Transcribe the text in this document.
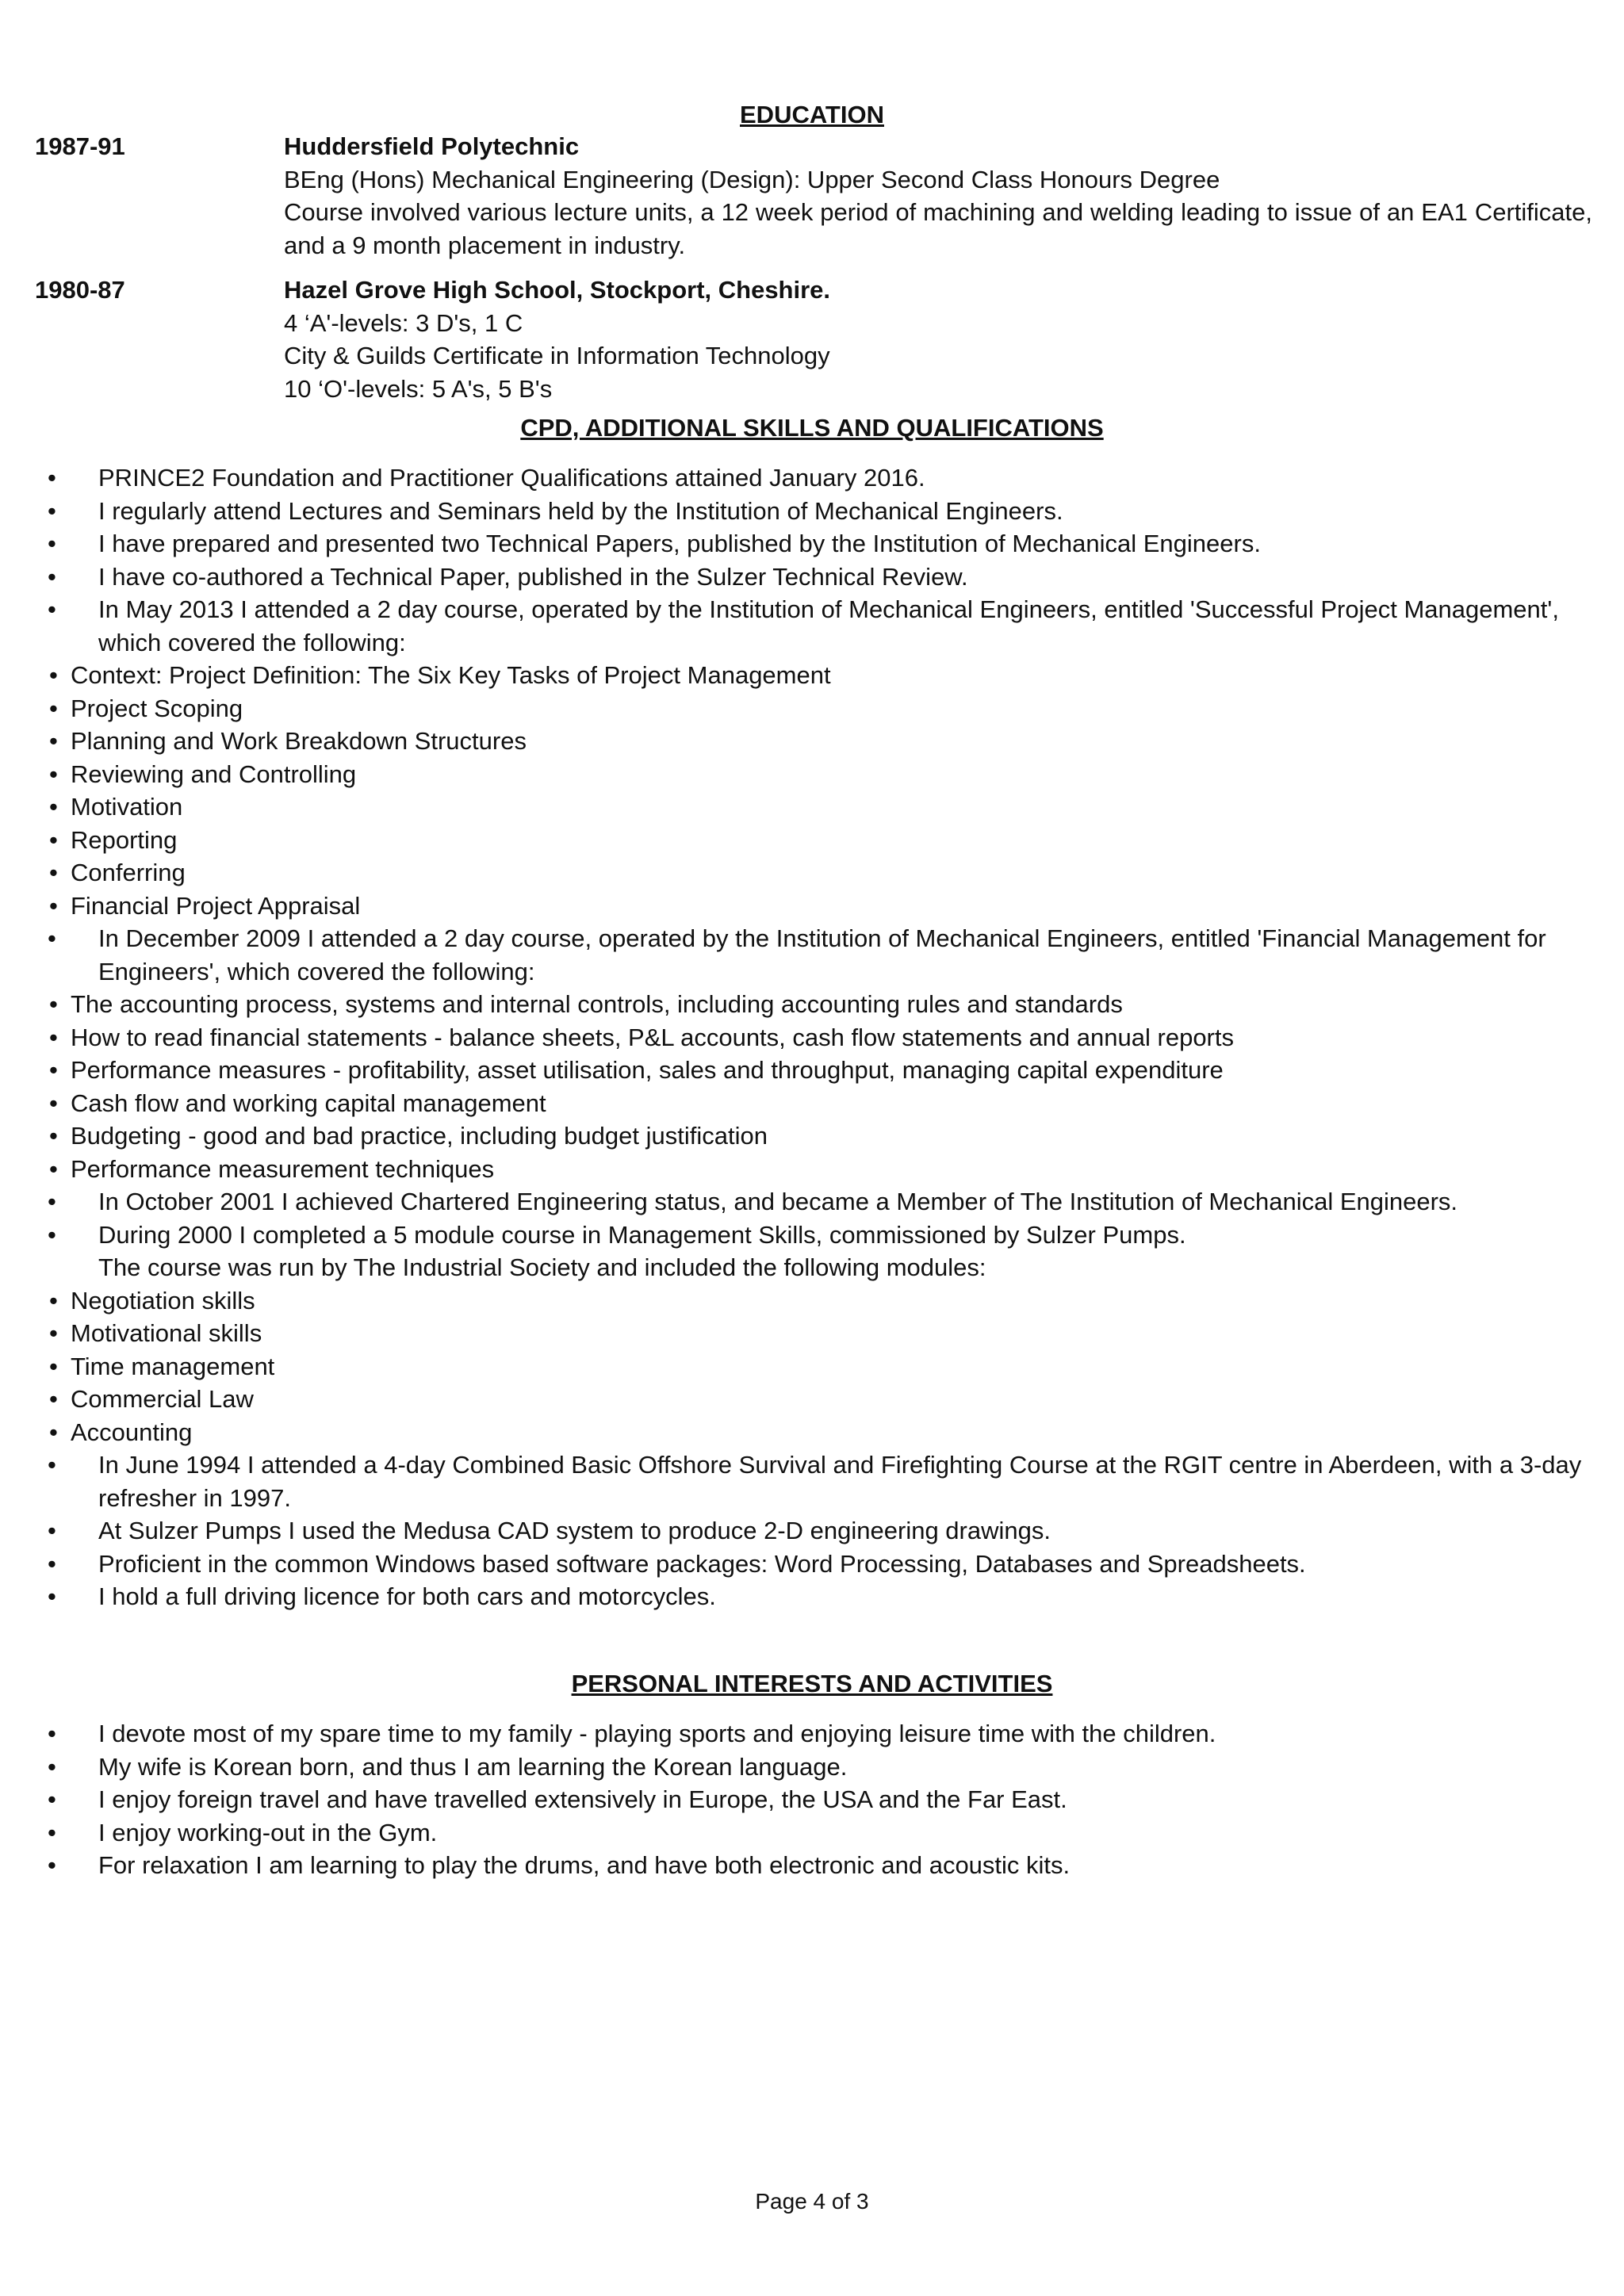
EDUCATION
1987-91	Huddersfield Polytechnic
BEng (Hons) Mechanical Engineering (Design): Upper Second Class Honours Degree
Course involved various lecture units, a 12 week period of machining and welding leading to issue of an EA1 Certificate, and a 9 month placement in industry.
1980-87	Hazel Grove High School, Stockport, Cheshire.
4 ‘A'-levels: 3 D's, 1 C
City & Guilds Certificate in Information Technology
10 ‘O'-levels: 5 A's, 5 B's
CPD, ADDITIONAL SKILLS AND QUALIFICATIONS
• PRINCE2 Foundation and Practitioner Qualifications attained January 2016.
• I regularly attend Lectures and Seminars held by the Institution of Mechanical Engineers.
• I have prepared and presented two Technical Papers, published by the Institution of Mechanical Engineers.
• I have co-authored a Technical Paper, published in the Sulzer Technical Review.
• In May 2013 I attended a 2 day course, operated by the Institution of Mechanical Engineers, entitled 'Successful Project Management', which covered the following:
• Context: Project Definition: The Six Key Tasks of Project Management
• Project Scoping
• Planning and Work Breakdown Structures
• Reviewing and Controlling
• Motivation
• Reporting
• Conferring
• Financial Project Appraisal
• In December 2009 I attended a 2 day course, operated by the Institution of Mechanical Engineers, entitled 'Financial Management for Engineers', which covered the following:
• The accounting process, systems and internal controls, including accounting rules and standards
• How to read financial statements - balance sheets, P&L accounts, cash flow statements and annual reports
• Performance measures - profitability, asset utilisation, sales and throughput, managing capital expenditure
• Cash flow and working capital management
• Budgeting - good and bad practice, including budget justification
• Performance measurement techniques
• In October 2001 I achieved Chartered Engineering status, and became a Member of The Institution of Mechanical Engineers.
• During 2000 I completed a 5 module course in Management Skills, commissioned by Sulzer Pumps.
The course was run by The Industrial Society and included the following modules:
• Negotiation skills
• Motivational skills
• Time management
• Commercial Law
• Accounting
• In June 1994 I attended a 4-day Combined Basic Offshore Survival and Firefighting Course at the RGIT centre in Aberdeen, with a 3-day refresher in 1997.
• At Sulzer Pumps I used the Medusa CAD system to produce 2-D engineering drawings.
• Proficient in the common Windows based software packages: Word Processing, Databases and Spreadsheets.
• I hold a full driving licence for both cars and motorcycles.
PERSONAL INTERESTS AND ACTIVITIES
• I devote most of my spare time to my family - playing sports and enjoying leisure time with the children.
• My wife is Korean born, and thus I am learning the Korean language.
• I enjoy foreign travel and have travelled extensively in Europe, the USA and the Far East.
• I enjoy working-out in the Gym.
• For relaxation I am learning to play the drums, and have both electronic and acoustic kits.
Page 4 of 3
